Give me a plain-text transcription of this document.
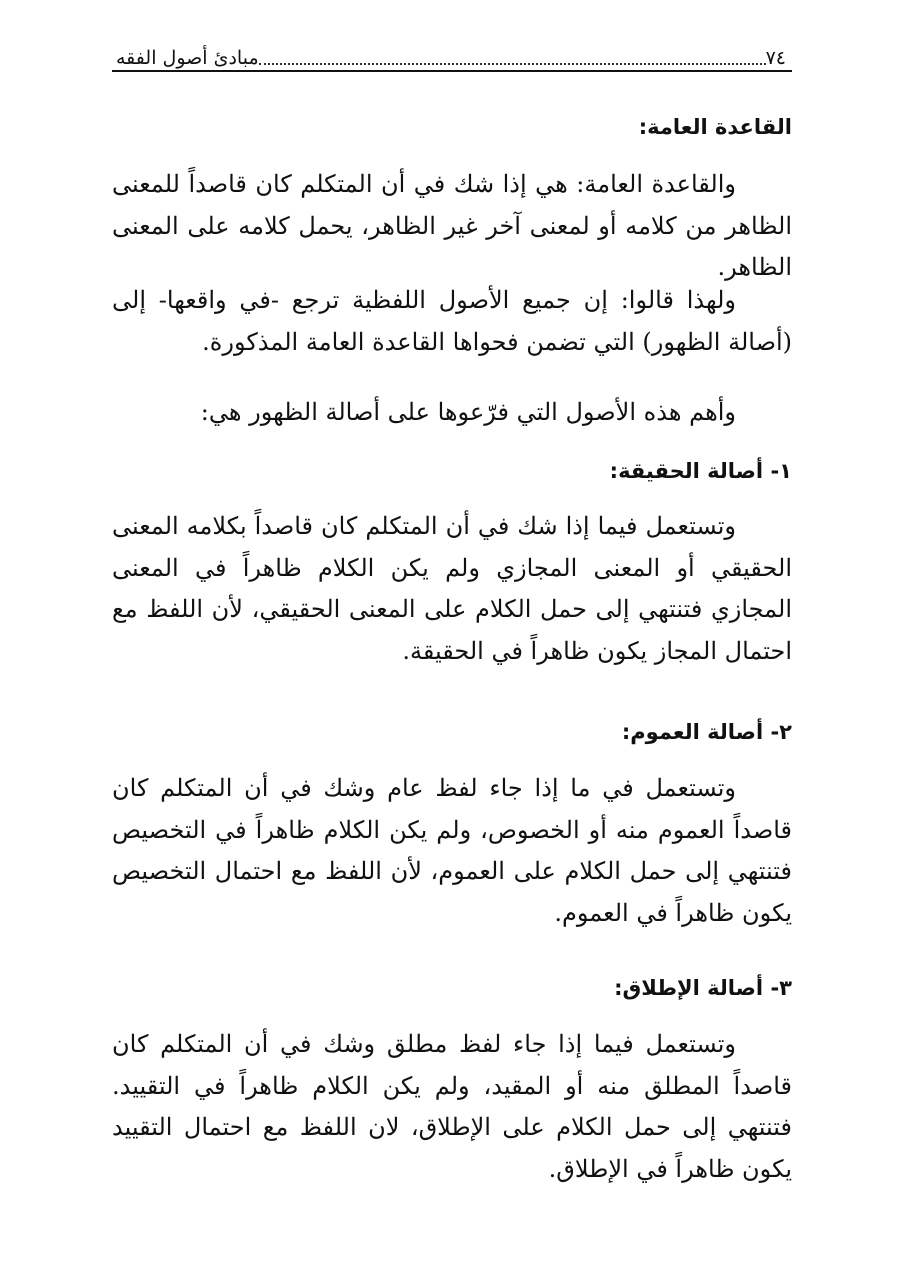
٧٤
مبادئ أصول الفقه
القاعدة العامة:

والقاعدة العامة: هي إذا شك في أن المتكلم كان قاصداً للمعنى الظاهر من كلامه أو لمعنى آخر غير الظاهر، يحمل كلامه على المعنى الظاهر.

ولهذا قالوا: إن جميع الأصول اللفظية ترجع -في واقعها- إلى (أصالة الظهور) التي تضمن فحواها القاعدة العامة المذكورة.

وأهم هذه الأصول التي فرّعوها على أصالة الظهور هي:

١- أصالة الحقيقة:

وتستعمل فيما إذا شك في أن المتكلم كان قاصداً بكلامه المعنى الحقيقي أو المعنى المجازي ولم يكن الكلام ظاهراً في المعنى المجازي فتنتهي إلى حمل الكلام على المعنى الحقيقي، لأن اللفظ مع احتمال المجاز يكون ظاهراً في الحقيقة.

٢- أصالة العموم:

وتستعمل في ما إذا جاء لفظ عام وشك في أن المتكلم كان قاصداً العموم منه أو الخصوص، ولم يكن الكلام ظاهراً في التخصيص فتنتهي إلى حمل الكلام على العموم، لأن اللفظ مع احتمال التخصيص يكون ظاهراً في العموم.

٣- أصالة الإطلاق:

وتستعمل فيما إذا جاء لفظ مطلق وشك في أن المتكلم كان قاصداً المطلق منه أو المقيد، ولم يكن الكلام ظاهراً في التقييد. فتنتهي إلى حمل الكلام على الإطلاق، لان اللفظ مع احتمال التقييد يكون ظاهراً في الإطلاق.
